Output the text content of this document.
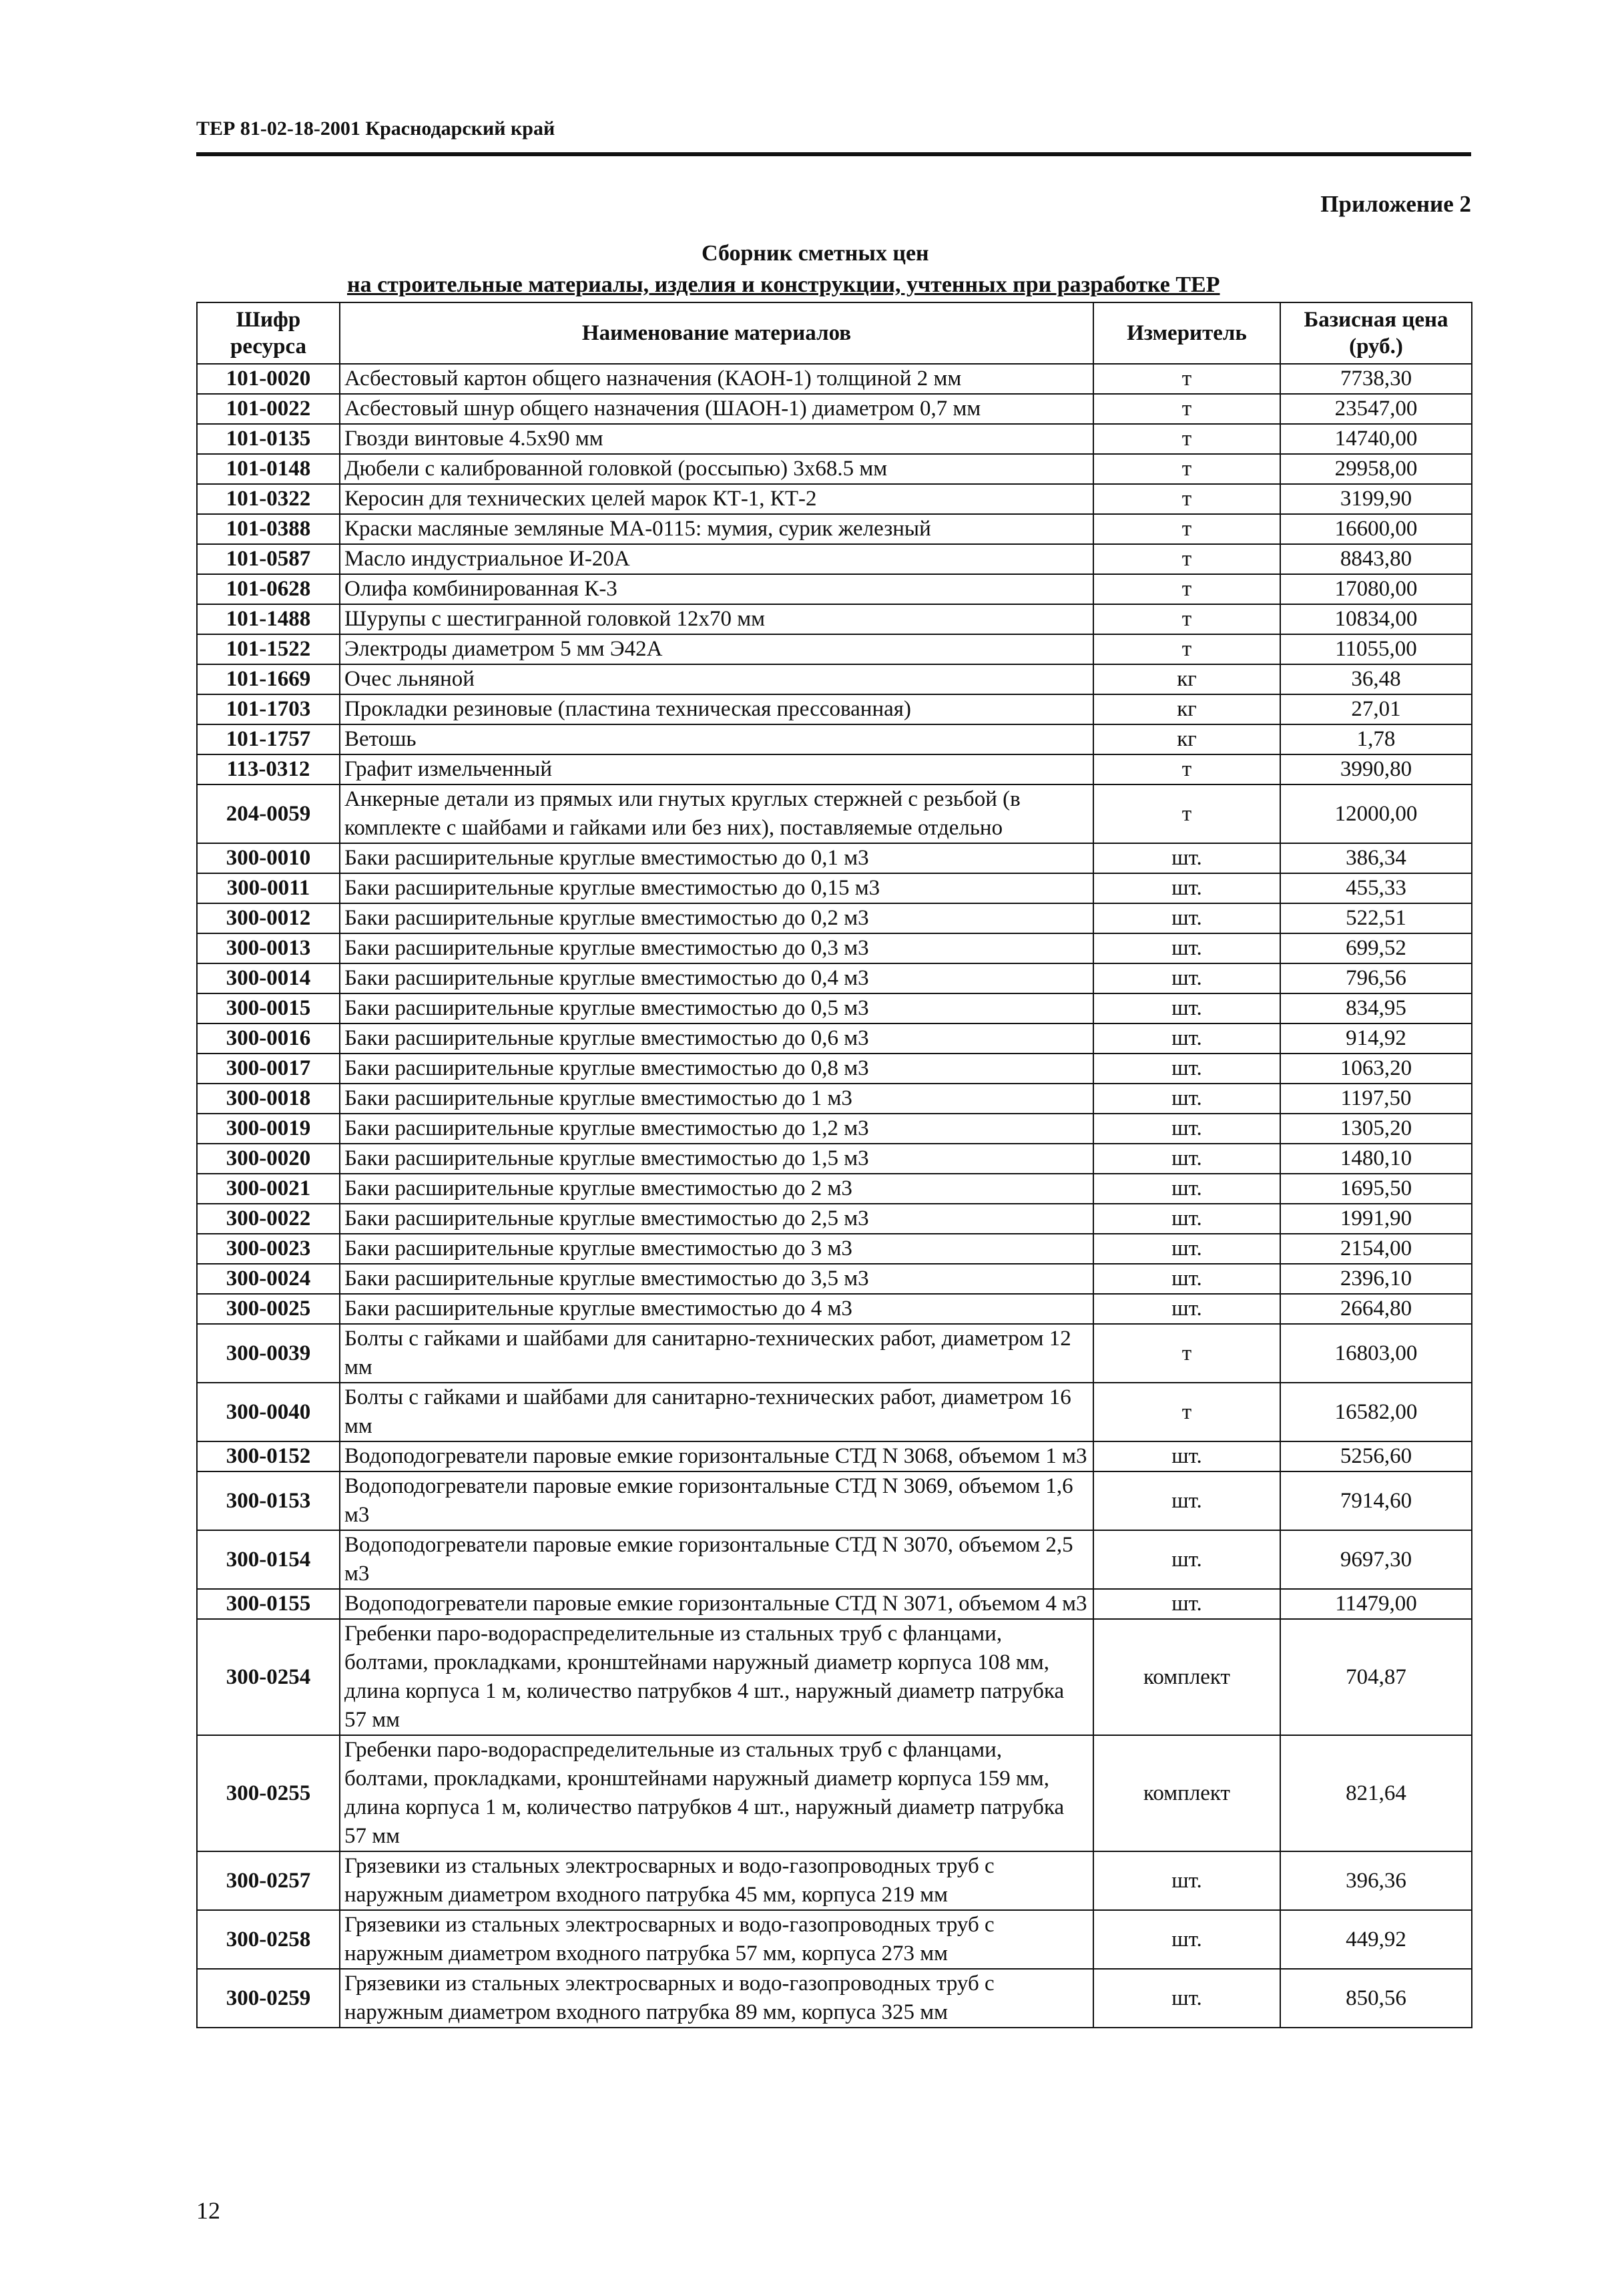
ТЕР 81-02-18-2001 Краснодарский край
Приложение 2
Сборник сметных цен
на строительные материалы, изделия и конструкции, учтенных при разработке ТЕР
Шифр ресурса	Наименование материалов	Измеритель	Базисная цена (руб.)
101-0020	Асбестовый картон общего назначения (КАОН-1) толщиной 2 мм	т	7738,30
101-0022	Асбестовый шнур общего назначения (ШАОН-1) диаметром 0,7 мм	т	23547,00
101-0135	Гвозди винтовые 4.5х90 мм	т	14740,00
101-0148	Дюбели с калиброванной головкой (россыпью) 3х68.5 мм	т	29958,00
101-0322	Керосин для технических целей марок КТ-1, КТ-2	т	3199,90
101-0388	Краски масляные земляные МА-0115: мумия, сурик железный	т	16600,00
101-0587	Масло индустриальное И-20А	т	8843,80
101-0628	Олифа комбинированная К-3	т	17080,00
101-1488	Шурупы с шестигранной головкой 12х70 мм	т	10834,00
101-1522	Электроды диаметром 5 мм Э42А	т	11055,00
101-1669	Очес льняной	кг	36,48
101-1703	Прокладки резиновые (пластина техническая прессованная)	кг	27,01
101-1757	Ветошь	кг	1,78
113-0312	Графит измельченный	т	3990,80
204-0059	Анкерные детали из прямых или гнутых круглых стержней с резьбой (в комплекте с шайбами и гайками или без них), поставляемые отдельно	т	12000,00
300-0010	Баки расширительные круглые вместимостью до 0,1 м3	шт.	386,34
300-0011	Баки расширительные круглые вместимостью до 0,15 м3	шт.	455,33
300-0012	Баки расширительные круглые вместимостью до 0,2 м3	шт.	522,51
300-0013	Баки расширительные круглые вместимостью до 0,3 м3	шт.	699,52
300-0014	Баки расширительные круглые вместимостью до 0,4 м3	шт.	796,56
300-0015	Баки расширительные круглые вместимостью до 0,5 м3	шт.	834,95
300-0016	Баки расширительные круглые вместимостью до 0,6 м3	шт.	914,92
300-0017	Баки расширительные круглые вместимостью до 0,8 м3	шт.	1063,20
300-0018	Баки расширительные круглые вместимостью до 1 м3	шт.	1197,50
300-0019	Баки расширительные круглые вместимостью до 1,2 м3	шт.	1305,20
300-0020	Баки расширительные круглые вместимостью до 1,5 м3	шт.	1480,10
300-0021	Баки расширительные круглые вместимостью до 2 м3	шт.	1695,50
300-0022	Баки расширительные круглые вместимостью до 2,5 м3	шт.	1991,90
300-0023	Баки расширительные круглые вместимостью до 3 м3	шт.	2154,00
300-0024	Баки расширительные круглые вместимостью до 3,5 м3	шт.	2396,10
300-0025	Баки расширительные круглые вместимостью до 4 м3	шт.	2664,80
300-0039	Болты с гайками и шайбами для санитарно-технических работ, диаметром 12 мм	т	16803,00
300-0040	Болты с гайками и шайбами для санитарно-технических работ, диаметром 16 мм	т	16582,00
300-0152	Водоподогреватели паровые емкие горизонтальные СТД N 3068, объемом 1 м3	шт.	5256,60
300-0153	Водоподогреватели паровые емкие горизонтальные СТД N 3069, объемом 1,6 м3	шт.	7914,60
300-0154	Водоподогреватели паровые емкие горизонтальные СТД N 3070, объемом 2,5 м3	шт.	9697,30
300-0155	Водоподогреватели паровые емкие горизонтальные СТД N 3071, объемом 4 м3	шт.	11479,00
300-0254	Гребенки паро-водораспределительные из стальных труб с фланцами, болтами, прокладками, кронштейнами наружный диаметр корпуса 108 мм, длина корпуса 1 м, количество патрубков 4 шт., наружный диаметр патрубка 57 мм	комплект	704,87
300-0255	Гребенки паро-водораспределительные из стальных труб с фланцами, болтами, прокладками, кронштейнами наружный диаметр корпуса 159 мм, длина корпуса 1 м, количество патрубков 4 шт., наружный диаметр патрубка 57 мм	комплект	821,64
300-0257	Грязевики из стальных электросварных и водо-газопроводных труб с наружным диаметром входного патрубка 45 мм, корпуса 219 мм	шт.	396,36
300-0258	Грязевики из стальных электросварных и водо-газопроводных труб с наружным диаметром входного патрубка 57 мм, корпуса 273 мм	шт.	449,92
300-0259	Грязевики из стальных электросварных и водо-газопроводных труб с наружным диаметром входного патрубка 89 мм, корпуса 325 мм	шт.	850,56
12
